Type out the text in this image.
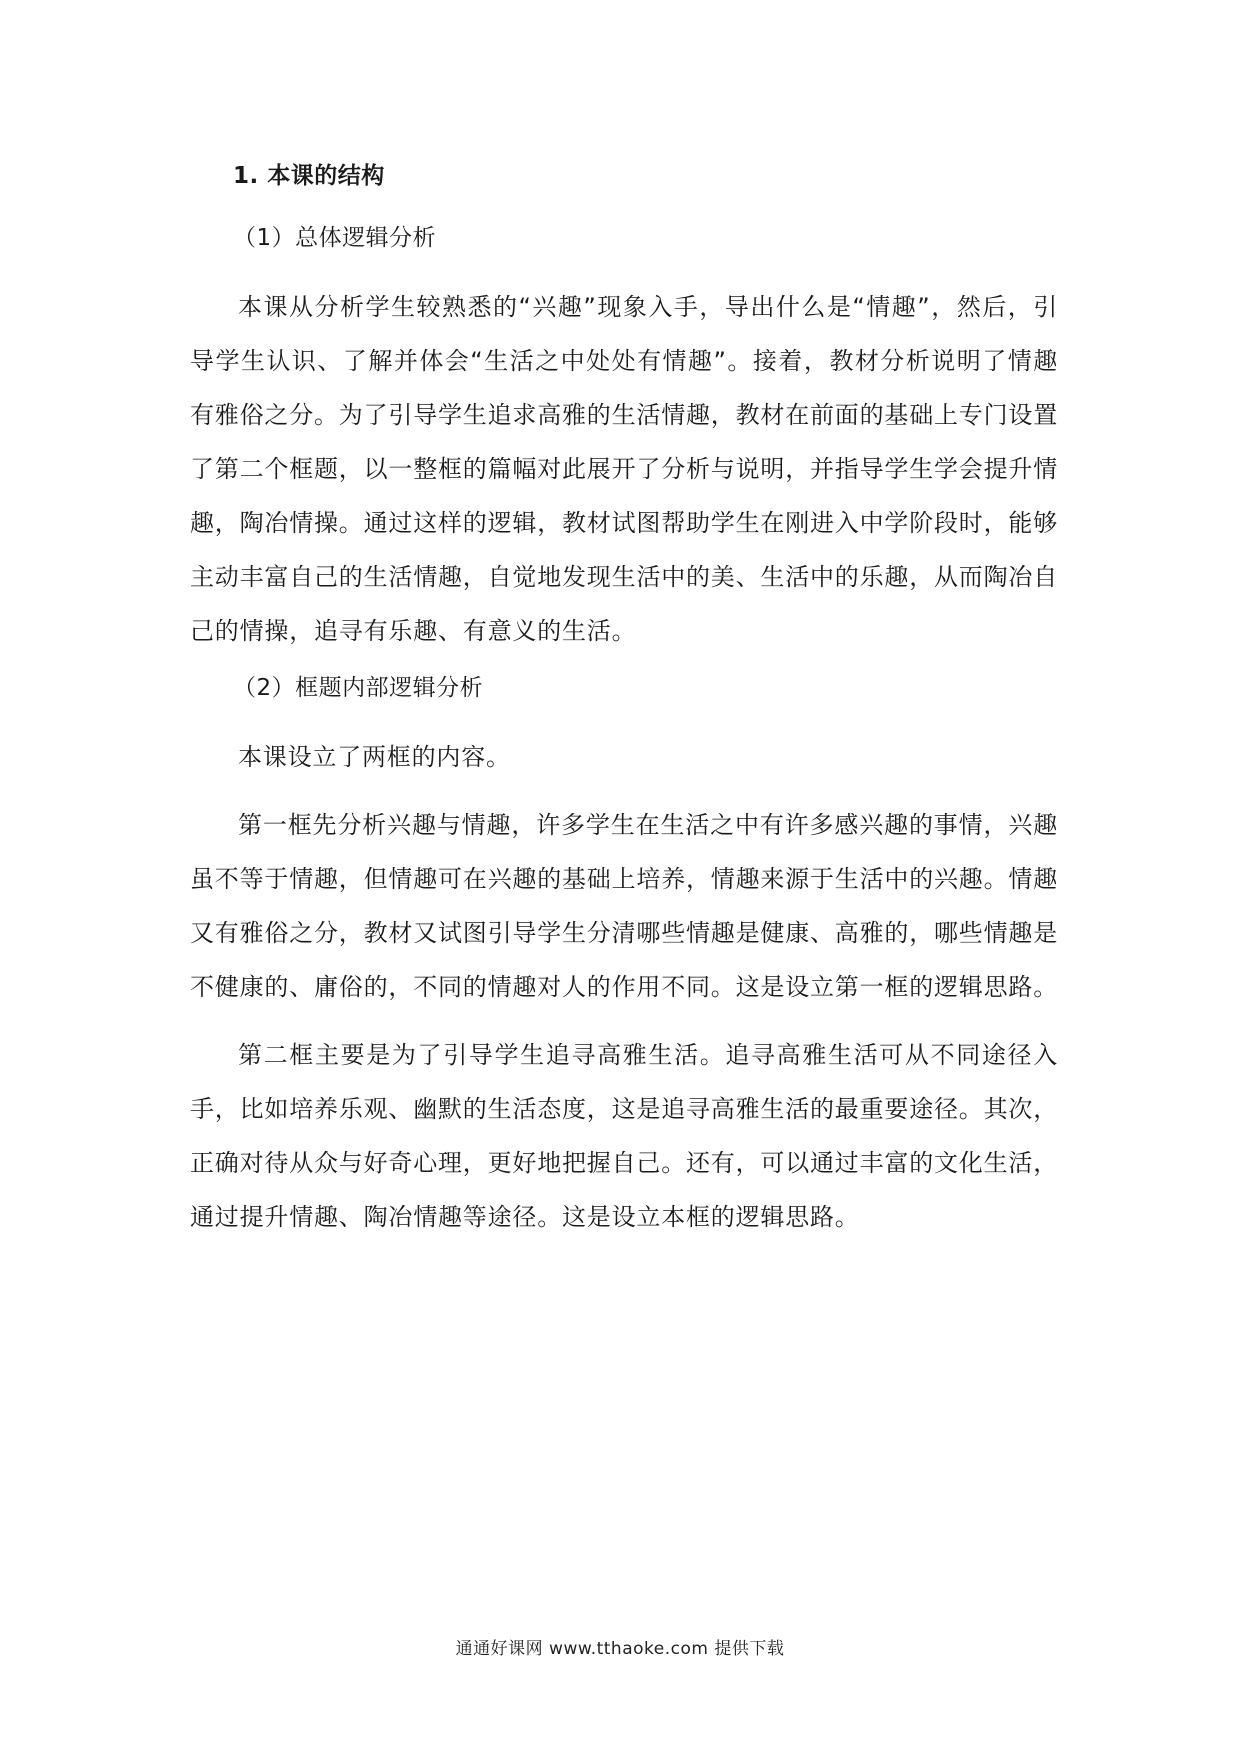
1. 本课的结构
（1）总体逻辑分析

本课从分析学生较熟悉的“兴趣”现象入手，导出什么是“情趣”，然后，引导学生认识、了解并体会“生活之中处处有情趣”。接着，教材分析说明了情趣有雅俗之分。为了引导学生追求高雅的生活情趣，教材在前面的基础上专门设置了第二个框题，以一整框的篇幅对此展开了分析与说明，并指导学生学会提升情趣，陶冶情操。通过这样的逻辑，教材试图帮助学生在刚进入中学阶段时，能够主动丰富自己的生活情趣，自觉地发现生活中的美、生活中的乐趣，从而陶冶自己的情操，追寻有乐趣、有意义的生活。

（2）框题内部逻辑分析

本课设立了两框的内容。

第一框先分析兴趣与情趣，许多学生在生活之中有许多感兴趣的事情，兴趣虽不等于情趣，但情趣可在兴趣的基础上培养，情趣来源于生活中的兴趣。情趣又有雅俗之分，教材又试图引导学生分清哪些情趣是健康、高雅的，哪些情趣是不健康的、庸俗的，不同的情趣对人的作用不同。这是设立第一框的逻辑思路。

第二框主要是为了引导学生追寻高雅生活。追寻高雅生活可从不同途径入手，比如培养乐观、幽默的生活态度，这是追寻高雅生活的最重要途径。其次，正确对待从众与好奇心理，更好地把握自己。还有，可以通过丰富的文化生活，通过提升情趣、陶冶情趣等途径。这是设立本框的逻辑思路。

通通好课网 www.tthaoke.com 提供下载
